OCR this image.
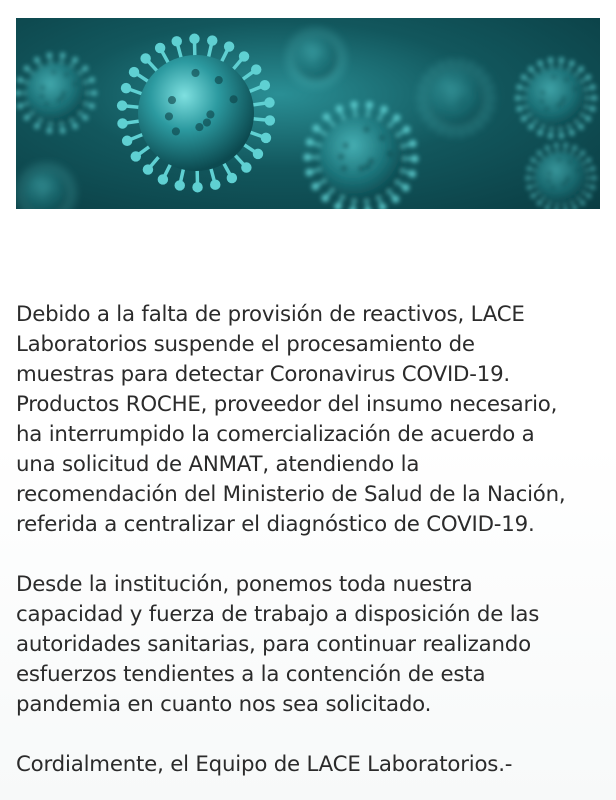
Debido a la falta de provisión de reactivos, LACE
Laboratorios suspende el procesamiento de
muestras para detectar Coronavirus COVID-19.
Productos ROCHE, proveedor del insumo necesario,
ha interrumpido la comercialización de acuerdo a
una solicitud de ANMAT, atendiendo la
recomendación del Ministerio de Salud de la Nación,
referida a centralizar el diagnóstico de COVID-19.

Desde la institución, ponemos toda nuestra
capacidad y fuerza de trabajo a disposición de las
autoridades sanitarias, para continuar realizando
esfuerzos tendientes a la contención de esta
pandemia en cuanto nos sea solicitado.

Cordialmente, el Equipo de LACE Laboratorios.-
